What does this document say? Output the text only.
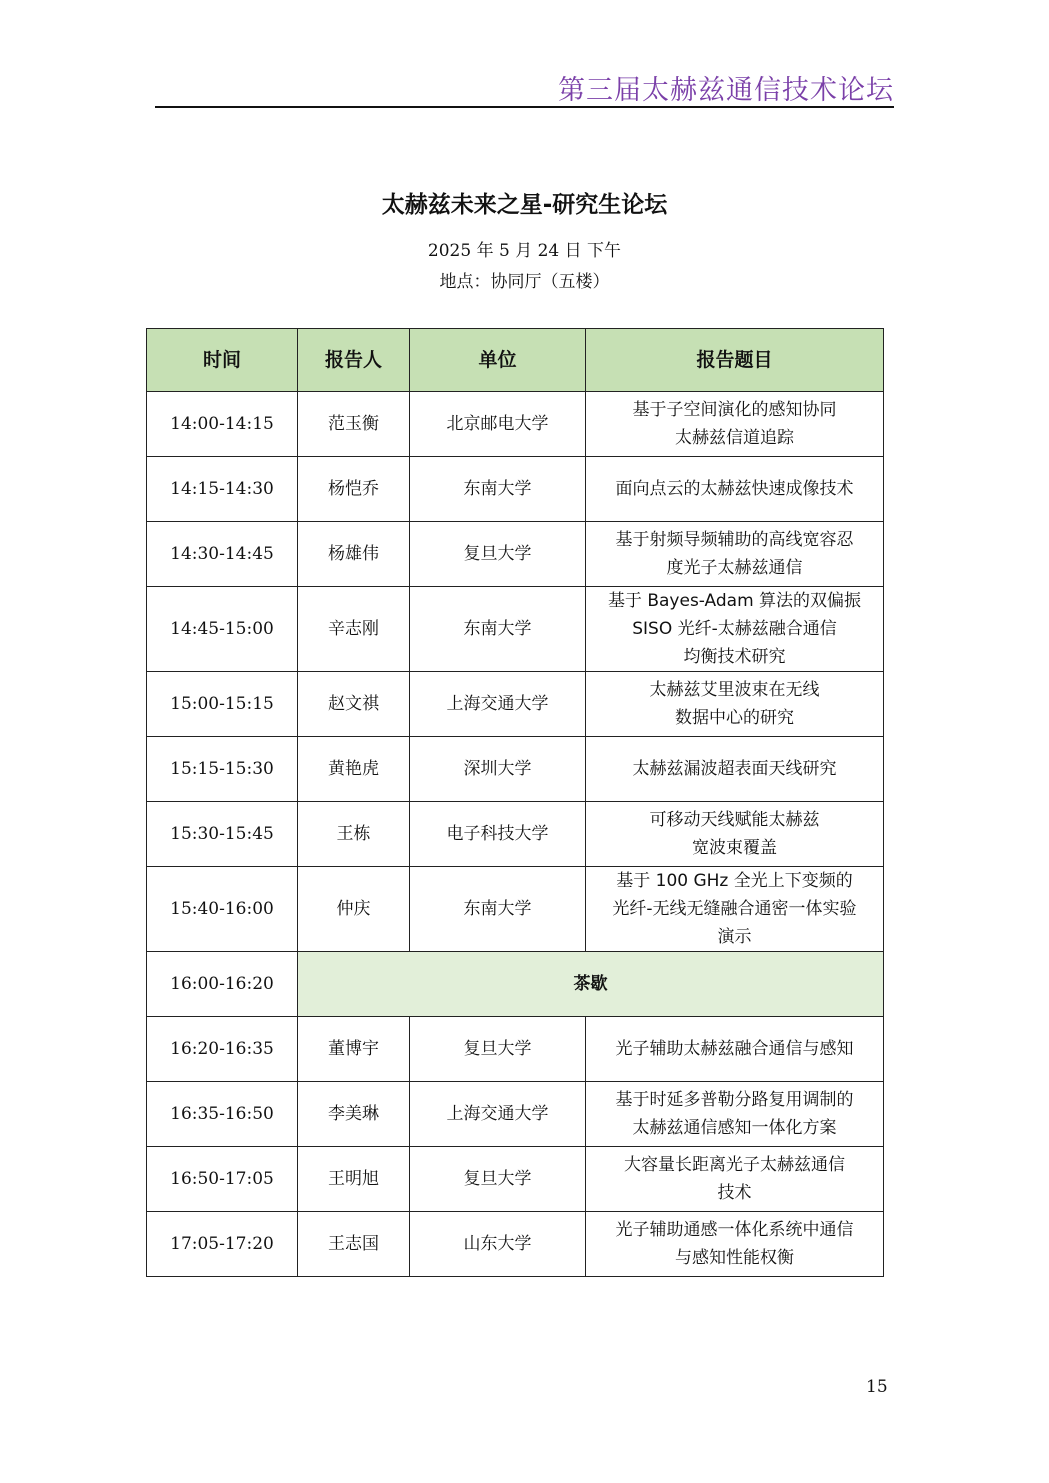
第三届太赫兹通信技术论坛
太赫兹未来之星-研究生论坛
2025 年 5 月 24 日 下午
地点：协同厅（五楼）
时间	报告人	单位	报告题目
14:00-14:15	范玉衡	北京邮电大学	基于子空间演化的感知协同
太赫兹信道追踪
14:15-14:30	杨恺乔	东南大学	面向点云的太赫兹快速成像技术
14:30-14:45	杨雄伟	复旦大学	基于射频导频辅助的高线宽容忍
度光子太赫兹通信
14:45-15:00	辛志刚	东南大学	基于 Bayes-Adam 算法的双偏振
SISO 光纤-太赫兹融合通信
均衡技术研究
15:00-15:15	赵文祺	上海交通大学	太赫兹艾里波束在无线
数据中心的研究
15:15-15:30	黄艳虎	深圳大学	太赫兹漏波超表面天线研究
15:30-15:45	王栋	电子科技大学	可移动天线赋能太赫兹
宽波束覆盖
15:40-16:00	仲庆	东南大学	基于 100 GHz 全光上下变频的
光纤-无线无缝融合通密一体实验
演示
16:00-16:20	茶歇		
16:20-16:35	董博宇	复旦大学	光子辅助太赫兹融合通信与感知
16:35-16:50	李美琳	上海交通大学	基于时延多普勒分路复用调制的
太赫兹通信感知一体化方案
16:50-17:05	王明旭	复旦大学	大容量长距离光子太赫兹通信
技术
17:05-17:20	王志国	山东大学	光子辅助通感一体化系统中通信
与感知性能权衡
15
